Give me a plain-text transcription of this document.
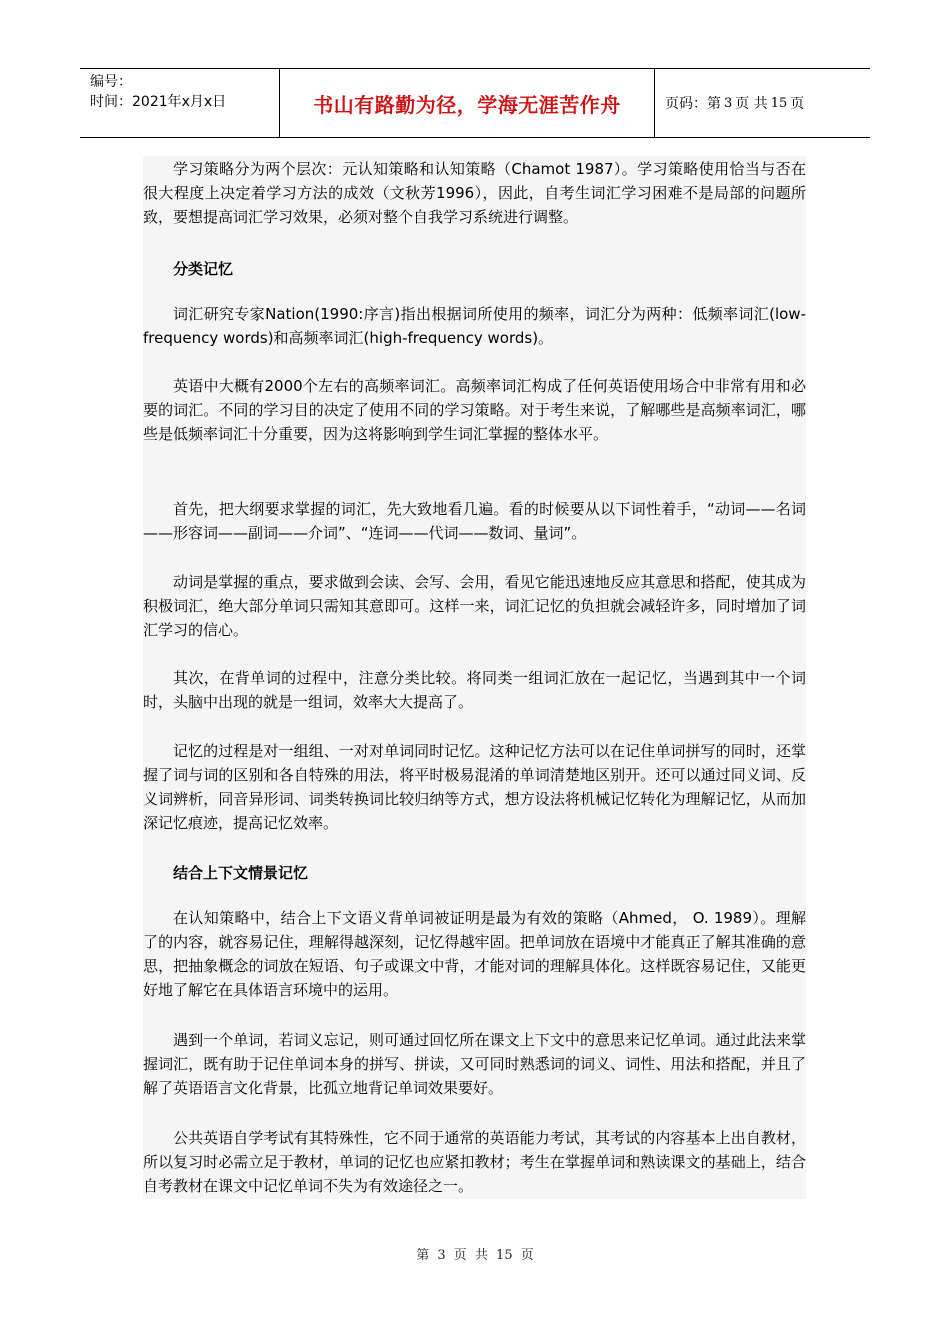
编号：
时间：2021年x月x日	书山有路勤为径，学海无涯苦作舟	页码：第 3 页 共 15 页

学习策略分为两个层次：元认知策略和认知策略（Chamot 1987）。学习策略使用恰当与否在很大程度上决定着学习方法的成效（文秋芳1996），因此，自考生词汇学习困难不是局部的问题所致，要想提高词汇学习效果，必须对整个自我学习系统进行调整。

分类记忆

词汇研究专家Nation(1990:序言)指出根据词所使用的频率，词汇分为两种：低频率词汇(low-frequency words)和高频率词汇(high-frequency words)。

英语中大概有2000个左右的高频率词汇。高频率词汇构成了任何英语使用场合中非常有用和必要的词汇。不同的学习目的决定了使用不同的学习策略。对于考生来说，了解哪些是高频率词汇，哪些是低频率词汇十分重要，因为这将影响到学生词汇掌握的整体水平。

首先，把大纲要求掌握的词汇，先大致地看几遍。看的时候要从以下词性着手，“动词——名词——形容词——副词——介词”、“连词——代词——数词、量词”。

动词是掌握的重点，要求做到会读、会写、会用，看见它能迅速地反应其意思和搭配，使其成为积极词汇，绝大部分单词只需知其意即可。这样一来，词汇记忆的负担就会减轻许多，同时增加了词汇学习的信心。

其次，在背单词的过程中，注意分类比较。将同类一组词汇放在一起记忆，当遇到其中一个词时，头脑中出现的就是一组词，效率大大提高了。

记忆的过程是对一组组、一对对单词同时记忆。这种记忆方法可以在记住单词拼写的同时，还掌握了词与词的区别和各自特殊的用法，将平时极易混淆的单词清楚地区别开。还可以通过同义词、反义词辨析，同音异形词、词类转换词比较归纳等方式，想方设法将机械记忆转化为理解记忆，从而加深记忆痕迹，提高记忆效率。

结合上下文情景记忆

在认知策略中，结合上下文语义背单词被证明是最为有效的策略（Ahmed， O. 1989）。理解了的内容，就容易记住，理解得越深刻，记忆得越牢固。把单词放在语境中才能真正了解其准确的意思，把抽象概念的词放在短语、句子或课文中背，才能对词的理解具体化。这样既容易记住，又能更好地了解它在具体语言环境中的运用。

遇到一个单词，若词义忘记，则可通过回忆所在课文上下文中的意思来记忆单词。通过此法来掌握词汇，既有助于记住单词本身的拼写、拼读，又可同时熟悉词的词义、词性、用法和搭配，并且了解了英语语言文化背景，比孤立地背记单词效果要好。

公共英语自学考试有其特殊性，它不同于通常的英语能力考试，其考试的内容基本上出自教材，所以复习时必需立足于教材，单词的记忆也应紧扣教材；考生在掌握单词和熟读课文的基础上，结合自考教材在课文中记忆单词不失为有效途径之一。

第 3 页 共 15 页
